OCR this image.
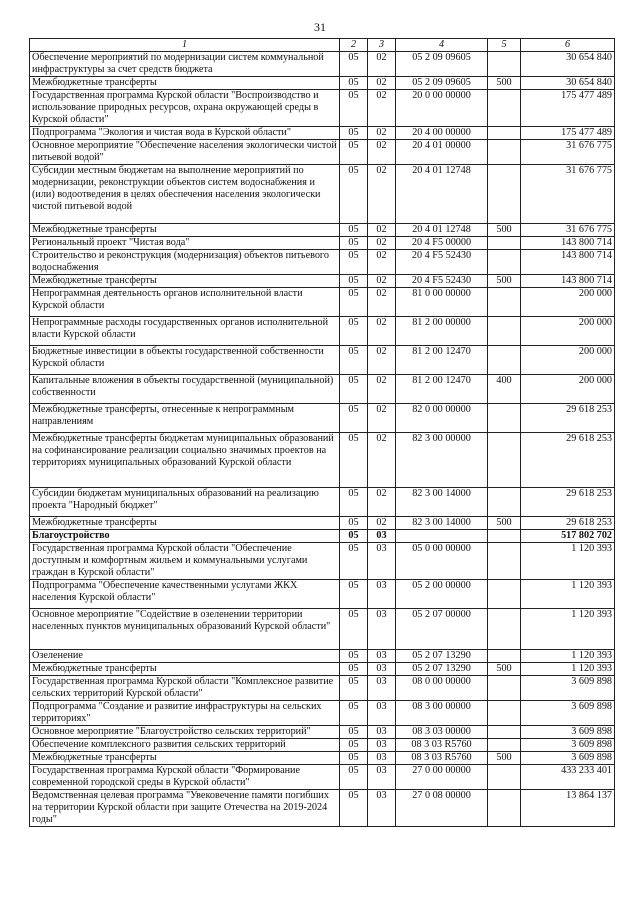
31
1	2	3	4	5	6
Обеспечение мероприятий по модернизации систем коммунальной инфраструктуры за счет средств бюджета	05	02	05 2 09 09605		30 654 840
Межбюджетные трансферты	05	02	05 2 09 09605	500	30 654 840
Государственная программа Курской области "Воспроизводство и использование природных ресурсов, охрана окружающей среды в Курской области"	05	02	20 0 00 00000		175 477 489
Подпрограмма "Экология и чистая вода в Курской области"	05	02	20 4 00 00000		175 477 489
Основное мероприятие "Обеспечение населения экологически чистой питьевой водой"	05	02	20 4 01 00000		31 676 775
Субсидии местным бюджетам на выполнение мероприятий по модернизации, реконструкции объектов систем водоснабжения и (или) водоотведения в целях обеспечения населения экологически чистой питьевой водой	05	02	20 4 01 12748		31 676 775
Межбюджетные трансферты	05	02	20 4 01 12748	500	31 676 775
Региональный проект "Чистая вода"	05	02	20 4 F5 00000		143 800 714
Строительство и реконструкция (модернизация) объектов питьевого водоснабжения	05	02	20 4 F5 52430		143 800 714
Межбюджетные трансферты	05	02	20 4 F5 52430	500	143 800 714
Непрограммная деятельность органов исполнительной власти Курской области	05	02	81 0 00 00000		200 000
Непрограммные расходы государственных органов исполнительной власти Курской области	05	02	81 2 00 00000		200 000
Бюджетные инвестиции в объекты государственной собственности Курской области	05	02	81 2 00 12470		200 000
Капитальные вложения в объекты государственной (муниципальной) собственности	05	02	81 2 00 12470	400	200 000
Межбюджетные трансферты, отнесенные к непрограммным направлениям	05	02	82 0 00 00000		29 618 253
Межбюджетные трансферты бюджетам муниципальных образований на софинансирование реализации социально значимых проектов на территориях муниципальных образований Курской области	05	02	82 3 00 00000		29 618 253
Субсидии бюджетам муниципальных образований на реализацию проекта "Народный бюджет"	05	02	82 3 00 14000		29 618 253
Межбюджетные трансферты	05	02	82 3 00 14000	500	29 618 253
Благоустройство	05	03			517 802 702
Государственная программа Курской области "Обеспечение доступным и комфортным жильем и коммунальными услугами граждан в Курской области"	05	03	05 0 00 00000		1 120 393
Подпрограмма "Обеспечение качественными услугами ЖКХ населения Курской области"	05	03	05 2 00 00000		1 120 393
Основное мероприятие "Содействие в озеленении территории населенных пунктов муниципальных образований Курской области"	05	03	05 2 07 00000		1 120 393
Озеленение	05	03	05 2 07 13290		1 120 393
Межбюджетные трансферты	05	03	05 2 07 13290	500	1 120 393
Государственная программа Курской области "Комплексное развитие сельских территорий Курской области"	05	03	08 0 00 00000		3 609 898
Подпрограмма "Создание и развитие инфраструктуры на сельских территориях"	05	03	08 3 00 00000		3 609 898
Основное мероприятие "Благоустройство сельских территорий"	05	03	08 3 03 00000		3 609 898
Обеспечение комплексного развития сельских территорий	05	03	08 3 03 R5760		3 609 898
Межбюджетные трансферты	05	03	08 3 03 R5760	500	3 609 898
Государственная программа Курской области "Формирование современной городской среды в Курской области"	05	03	27 0 00 00000		433 233 401
Ведомственная целевая программа "Увековечение памяти погибших на территории Курской области при защите Отечества на 2019-2024 годы"	05	03	27 0 08 00000		13 864 137
